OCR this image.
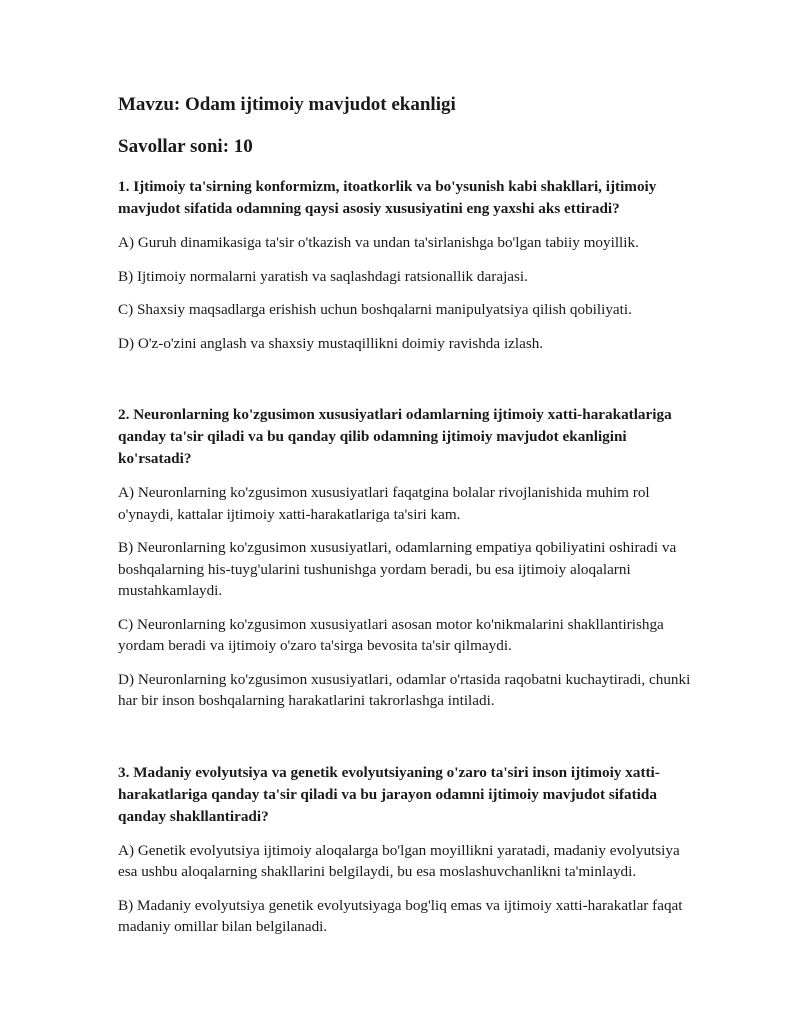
Mavzu: Odam ijtimoiy mavjudot ekanligi
Savollar soni: 10

1. Ijtimoiy ta'sirning konformizm, itoatkorlik va bo'ysunish kabi shakllari, ijtimoiy mavjudot sifatida odamning qaysi asosiy xususiyatini eng yaxshi aks ettiradi?

A) Guruh dinamikasiga ta'sir o'tkazish va undan ta'sirlanishga bo'lgan tabiiy moyillik.

B) Ijtimoiy normalarni yaratish va saqlashdagi ratsionallik darajasi.

C) Shaxsiy maqsadlarga erishish uchun boshqalarni manipulyatsiya qilish qobiliyati.

D) O'z-o'zini anglash va shaxsiy mustaqillikni doimiy ravishda izlash.

2. Neuronlarning ko'zgusimon xususiyatlari odamlarning ijtimoiy xatti-harakatlariga qanday ta'sir qiladi va bu qanday qilib odamning ijtimoiy mavjudot ekanligini ko'rsatadi?

A) Neuronlarning ko'zgusimon xususiyatlari faqatgina bolalar rivojlanishida muhim rol o'ynaydi, kattalar ijtimoiy xatti-harakatlariga ta'siri kam.

B) Neuronlarning ko'zgusimon xususiyatlari, odamlarning empatiya qobiliyatini oshiradi va boshqalarning his-tuyg'ularini tushunishga yordam beradi, bu esa ijtimoiy aloqalarni mustahkamlaydi.

C) Neuronlarning ko'zgusimon xususiyatlari asosan motor ko'nikmalarini shakllantirishga yordam beradi va ijtimoiy o'zaro ta'sirga bevosita ta'sir qilmaydi.

D) Neuronlarning ko'zgusimon xususiyatlari, odamlar o'rtasida raqobatni kuchaytiradi, chunki har bir inson boshqalarning harakatlarini takrorlashga intiladi.

3. Madaniy evolyutsiya va genetik evolyutsiyaning o'zaro ta'siri inson ijtimoiy xatti-harakatlariga qanday ta'sir qiladi va bu jarayon odamni ijtimoiy mavjudot sifatida qanday shakllantiradi?

A) Genetik evolyutsiya ijtimoiy aloqalarga bo'lgan moyillikni yaratadi, madaniy evolyutsiya esa ushbu aloqalarning shakllarini belgilaydi, bu esa moslashuvchanlikni ta'minlaydi.

B) Madaniy evolyutsiya genetik evolyutsiyaga bog'liq emas va ijtimoiy xatti-harakatlar faqat madaniy omillar bilan belgilanadi.
